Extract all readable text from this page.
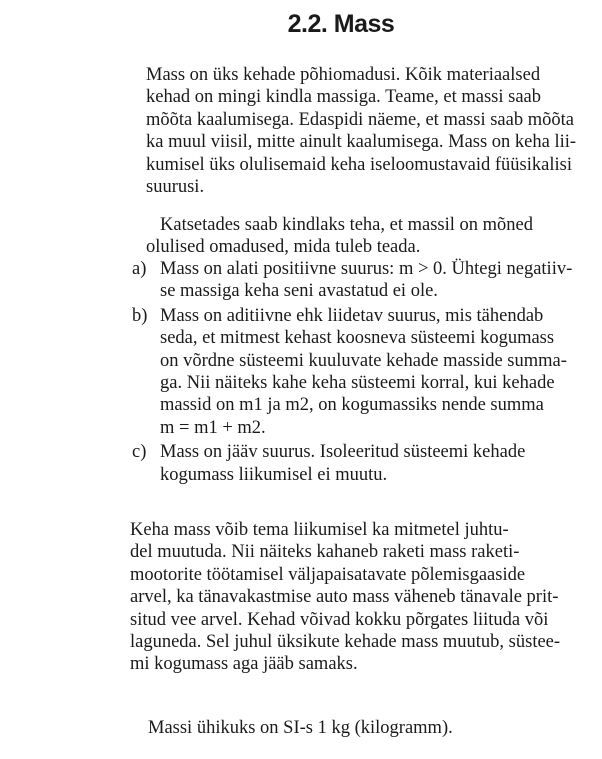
2.2. Mass

Mass on üks kehade põhiomadusi. Kõik materiaalsed
kehad on mingi kindla massiga. Teame, et massi saab
mõõta kaalumisega. Edaspidi näeme, et massi saab mõõta
ka muul viisil, mitte ainult kaalumisega. Mass on keha lii-
kumisel üks olulisemaid keha iseloomustavaid füüsikalisi
suurusi.

Katsetades saab kindlaks teha, et massil on mõned
olulised omadused, mida tuleb teada.

a) Mass on alati positiivne suurus: m > 0. Ühtegi negatiiv-
se massiga keha seni avastatud ei ole.
b) Mass on aditiivne ehk liidetav suurus, mis tähendab
seda, et mitmest kehast koosneva süsteemi kogumass
on võrdne süsteemi kuuluvate kehade masside summa-
ga. Nii näiteks kahe keha süsteemi korral, kui kehade
massid on m1 ja m2, on kogumassiks nende summa
m = m1 + m2.
c) Mass on jääv suurus. Isoleeritud süsteemi kehade
kogumass liikumisel ei muutu.

Keha mass võib tema liikumisel ka mitmetel juhtu-
del muutuda. Nii näiteks kahaneb raketi mass raketi-
mootorite töötamisel väljapaisatavate põlemisgaaside
arvel, ka tänavakastmise auto mass väheneb tänavale prit-
situd vee arvel. Kehad võivad kokku põrgates liituda või
laguneda. Sel juhul üksikute kehade mass muutub, süstee-
mi kogumass aga jääb samaks.

Massi ühikuks on SI-s 1 kg (kilogramm).
